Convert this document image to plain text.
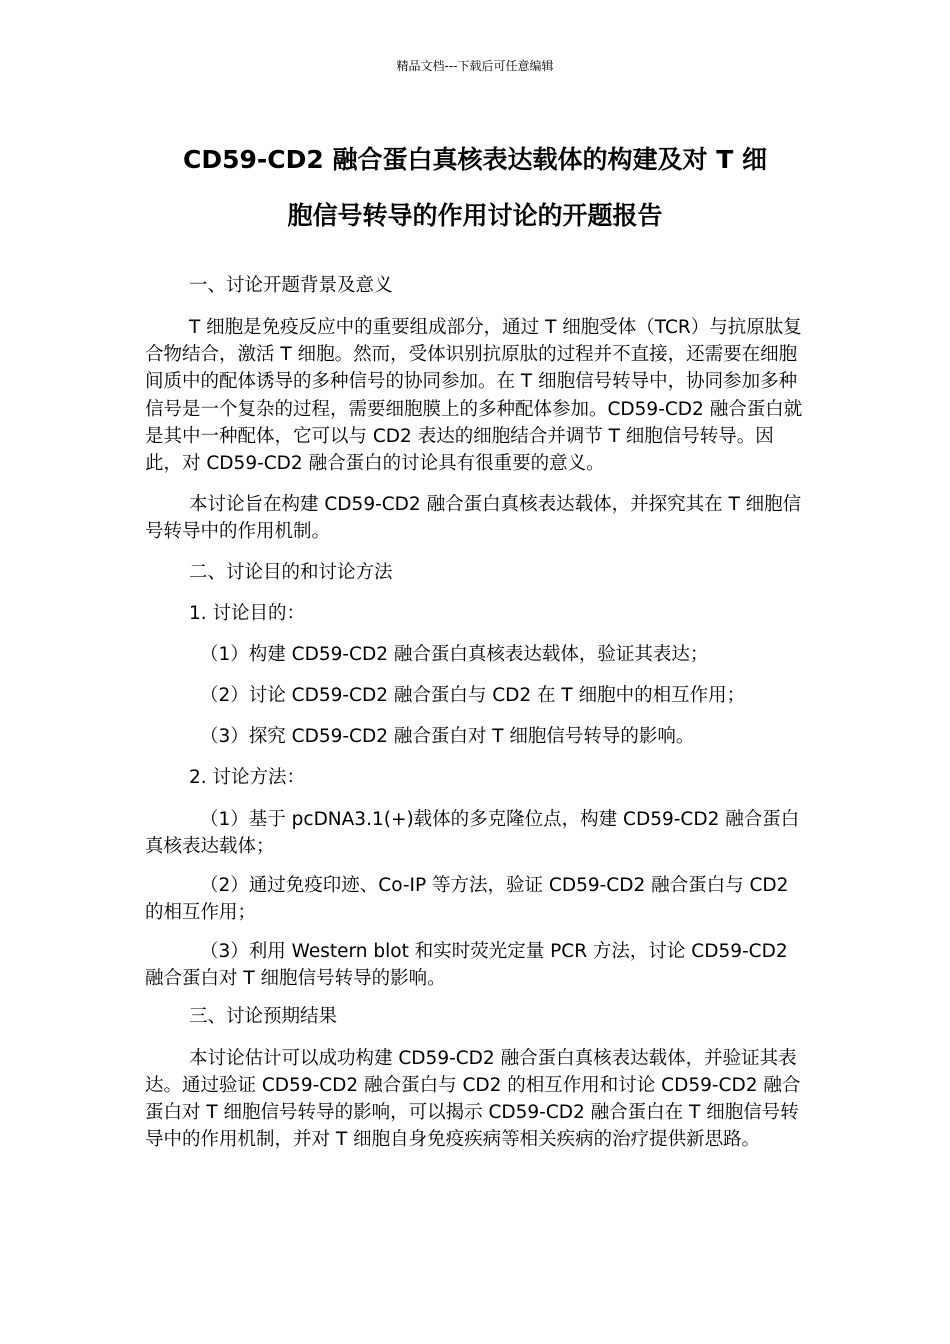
精品文档---下载后可任意编辑
CD59-CD2 融合蛋白真核表达载体的构建及对 T 细
胞信号转导的作用讨论的开题报告

一、讨论开题背景及意义

T 细胞是免疫反应中的重要组成部分，通过 T 细胞受体（TCR）与抗原肽复合物结合，激活 T 细胞。然而，受体识别抗原肽的过程并不直接，还需要在细胞间质中的配体诱导的多种信号的协同参加。在 T 细胞信号转导中，协同参加多种信号是一个复杂的过程，需要细胞膜上的多种配体参加。CD59-CD2 融合蛋白就是其中一种配体，它可以与 CD2 表达的细胞结合并调节 T 细胞信号转导。因此，对 CD59-CD2 融合蛋白的讨论具有很重要的意义。

本讨论旨在构建 CD59-CD2 融合蛋白真核表达载体，并探究其在 T 细胞信号转导中的作用机制。

二、讨论目的和讨论方法

1. 讨论目的：

（1）构建 CD59-CD2 融合蛋白真核表达载体，验证其表达；

（2）讨论 CD59-CD2 融合蛋白与 CD2 在 T 细胞中的相互作用；

（3）探究 CD59-CD2 融合蛋白对 T 细胞信号转导的影响。

2. 讨论方法：

（1）基于 pcDNA3.1(+)载体的多克隆位点，构建 CD59-CD2 融合蛋白真核表达载体；

（2）通过免疫印迹、Co-IP 等方法，验证 CD59-CD2 融合蛋白与 CD2 的相互作用；

（3）利用 Western blot 和实时荧光定量 PCR 方法，讨论 CD59-CD2 融合蛋白对 T 细胞信号转导的影响。

三、讨论预期结果

本讨论估计可以成功构建 CD59-CD2 融合蛋白真核表达载体，并验证其表达。通过验证 CD59-CD2 融合蛋白与 CD2 的相互作用和讨论 CD59-CD2 融合蛋白对 T 细胞信号转导的影响，可以揭示 CD59-CD2 融合蛋白在 T 细胞信号转导中的作用机制，并对 T 细胞自身免疫疾病等相关疾病的治疗提供新思路。
